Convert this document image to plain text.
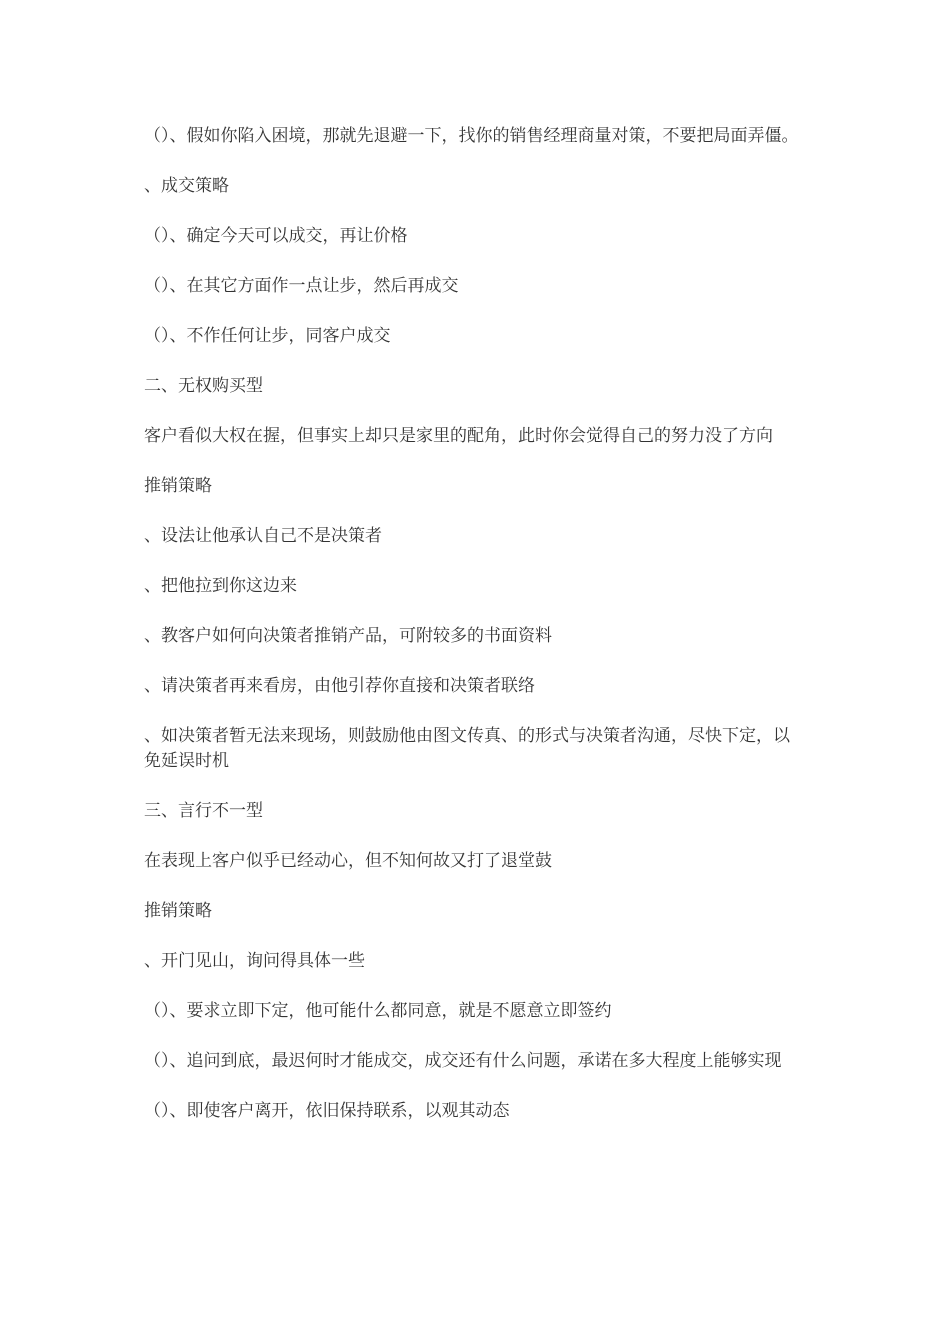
（）、假如你陷入困境，那就先退避一下，找你的销售经理商量对策，不要把局面弄僵。

、成交策略

（）、确定今天可以成交，再让价格

（）、在其它方面作一点让步，然后再成交

（）、不作任何让步，同客户成交

二、无权购买型

客户看似大权在握，但事实上却只是家里的配角，此时你会觉得自己的努力没了方向

推销策略

、设法让他承认自己不是决策者

、把他拉到你这边来

、教客户如何向决策者推销产品，可附较多的书面资料

、请决策者再来看房，由他引荐你直接和决策者联络

、如决策者暂无法来现场，则鼓励他由图文传真、的形式与决策者沟通，尽快下定，以免延误时机

三、言行不一型

在表现上客户似乎已经动心，但不知何故又打了退堂鼓

推销策略

、开门见山，询问得具体一些

（）、要求立即下定，他可能什么都同意，就是不愿意立即签约

（）、追问到底，最迟何时才能成交，成交还有什么问题，承诺在多大程度上能够实现

（）、即使客户离开，依旧保持联系，以观其动态
